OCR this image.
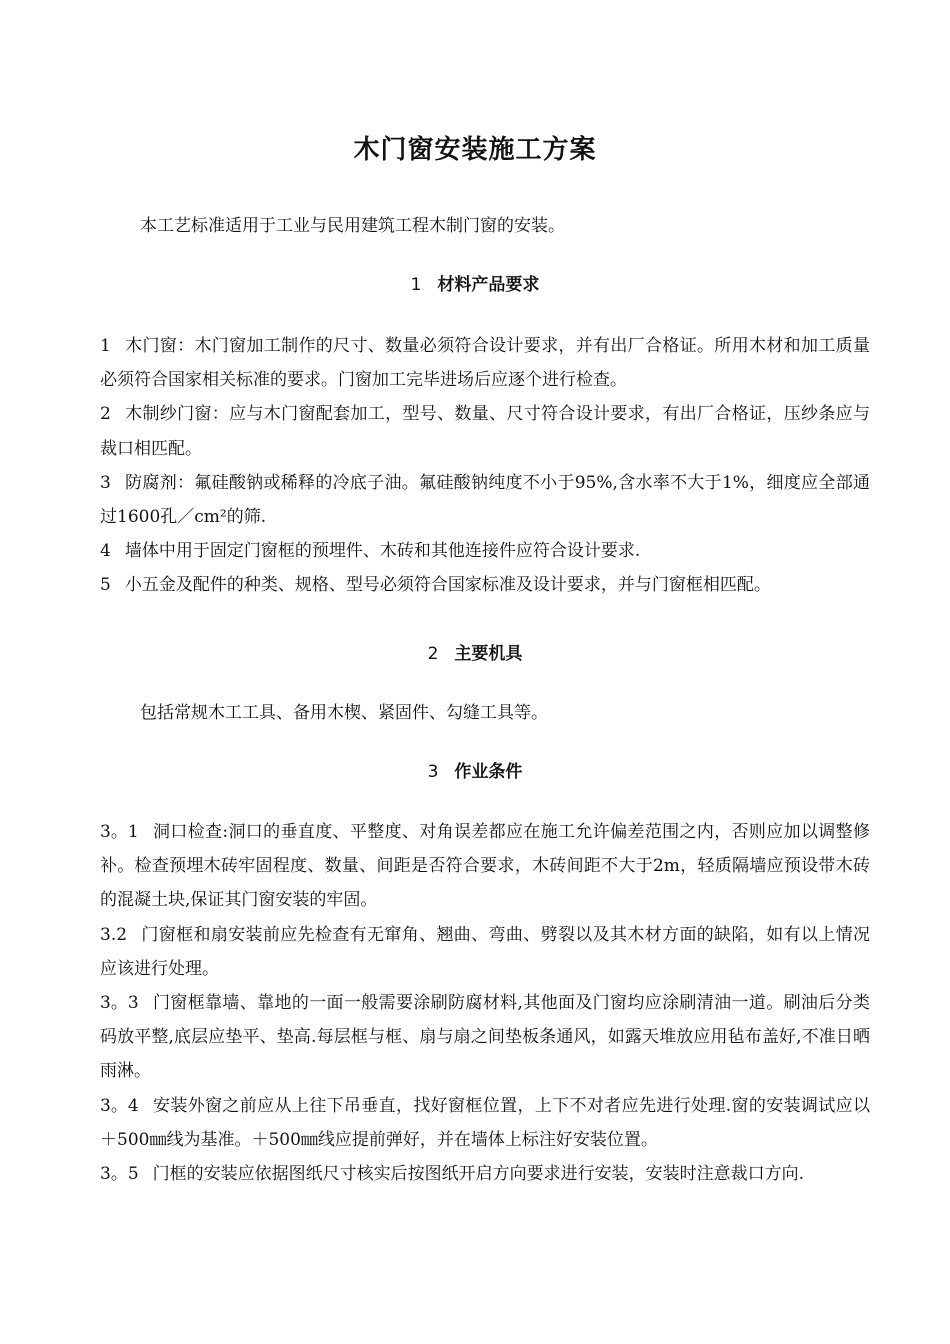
木门窗安装施工方案
本工艺标准适用于工业与民用建筑工程木制门窗的安装。
1 材料产品要求

1 木门窗：木门窗加工制作的尺寸、数量必须符合设计要求，并有出厂合格证。所用木材和加工质量必须符合国家相关标准的要求。门窗加工完毕进场后应逐个进行检查。

2 木制纱门窗：应与木门窗配套加工，型号、数量、尺寸符合设计要求，有出厂合格证，压纱条应与裁口相匹配。

3 防腐剂：氟硅酸钠或稀释的冷底子油。氟硅酸钠纯度不小于95%,含水率不大于1%，细度应全部通过1600孔／cm²的筛.

4 墙体中用于固定门窗框的预埋件、木砖和其他连接件应符合设计要求.

5 小五金及配件的种类、规格、型号必须符合国家标准及设计要求，并与门窗框相匹配。

2 主要机具
包括常规木工工具、备用木楔、紧固件、勾缝工具等。
3 作业条件

3。1 洞口检查:洞口的垂直度、平整度、对角误差都应在施工允许偏差范围之内，否则应加以调整修补。检查预埋木砖牢固程度、数量、间距是否符合要求，木砖间距不大于2m，轻质隔墙应预设带木砖的混凝土块,保证其门窗安装的牢固。

3.2 门窗框和扇安装前应先检查有无窜角、翘曲、弯曲、劈裂以及其木材方面的缺陷，如有以上情况应该进行处理。

3。3 门窗框靠墙、靠地的一面一般需要涂刷防腐材料,其他面及门窗均应涂刷清油一道。刷油后分类码放平整,底层应垫平、垫高.每层框与框、扇与扇之间垫板条通风，如露天堆放应用毡布盖好,不准日晒雨淋。

3。4 安装外窗之前应从上往下吊垂直，找好窗框位置，上下不对者应先进行处理.窗的安装调试应以＋500㎜线为基准。＋500㎜线应提前弹好，并在墙体上标注好安装位置。

3。5 门框的安装应依据图纸尺寸核实后按图纸开启方向要求进行安装，安装时注意裁口方向.
